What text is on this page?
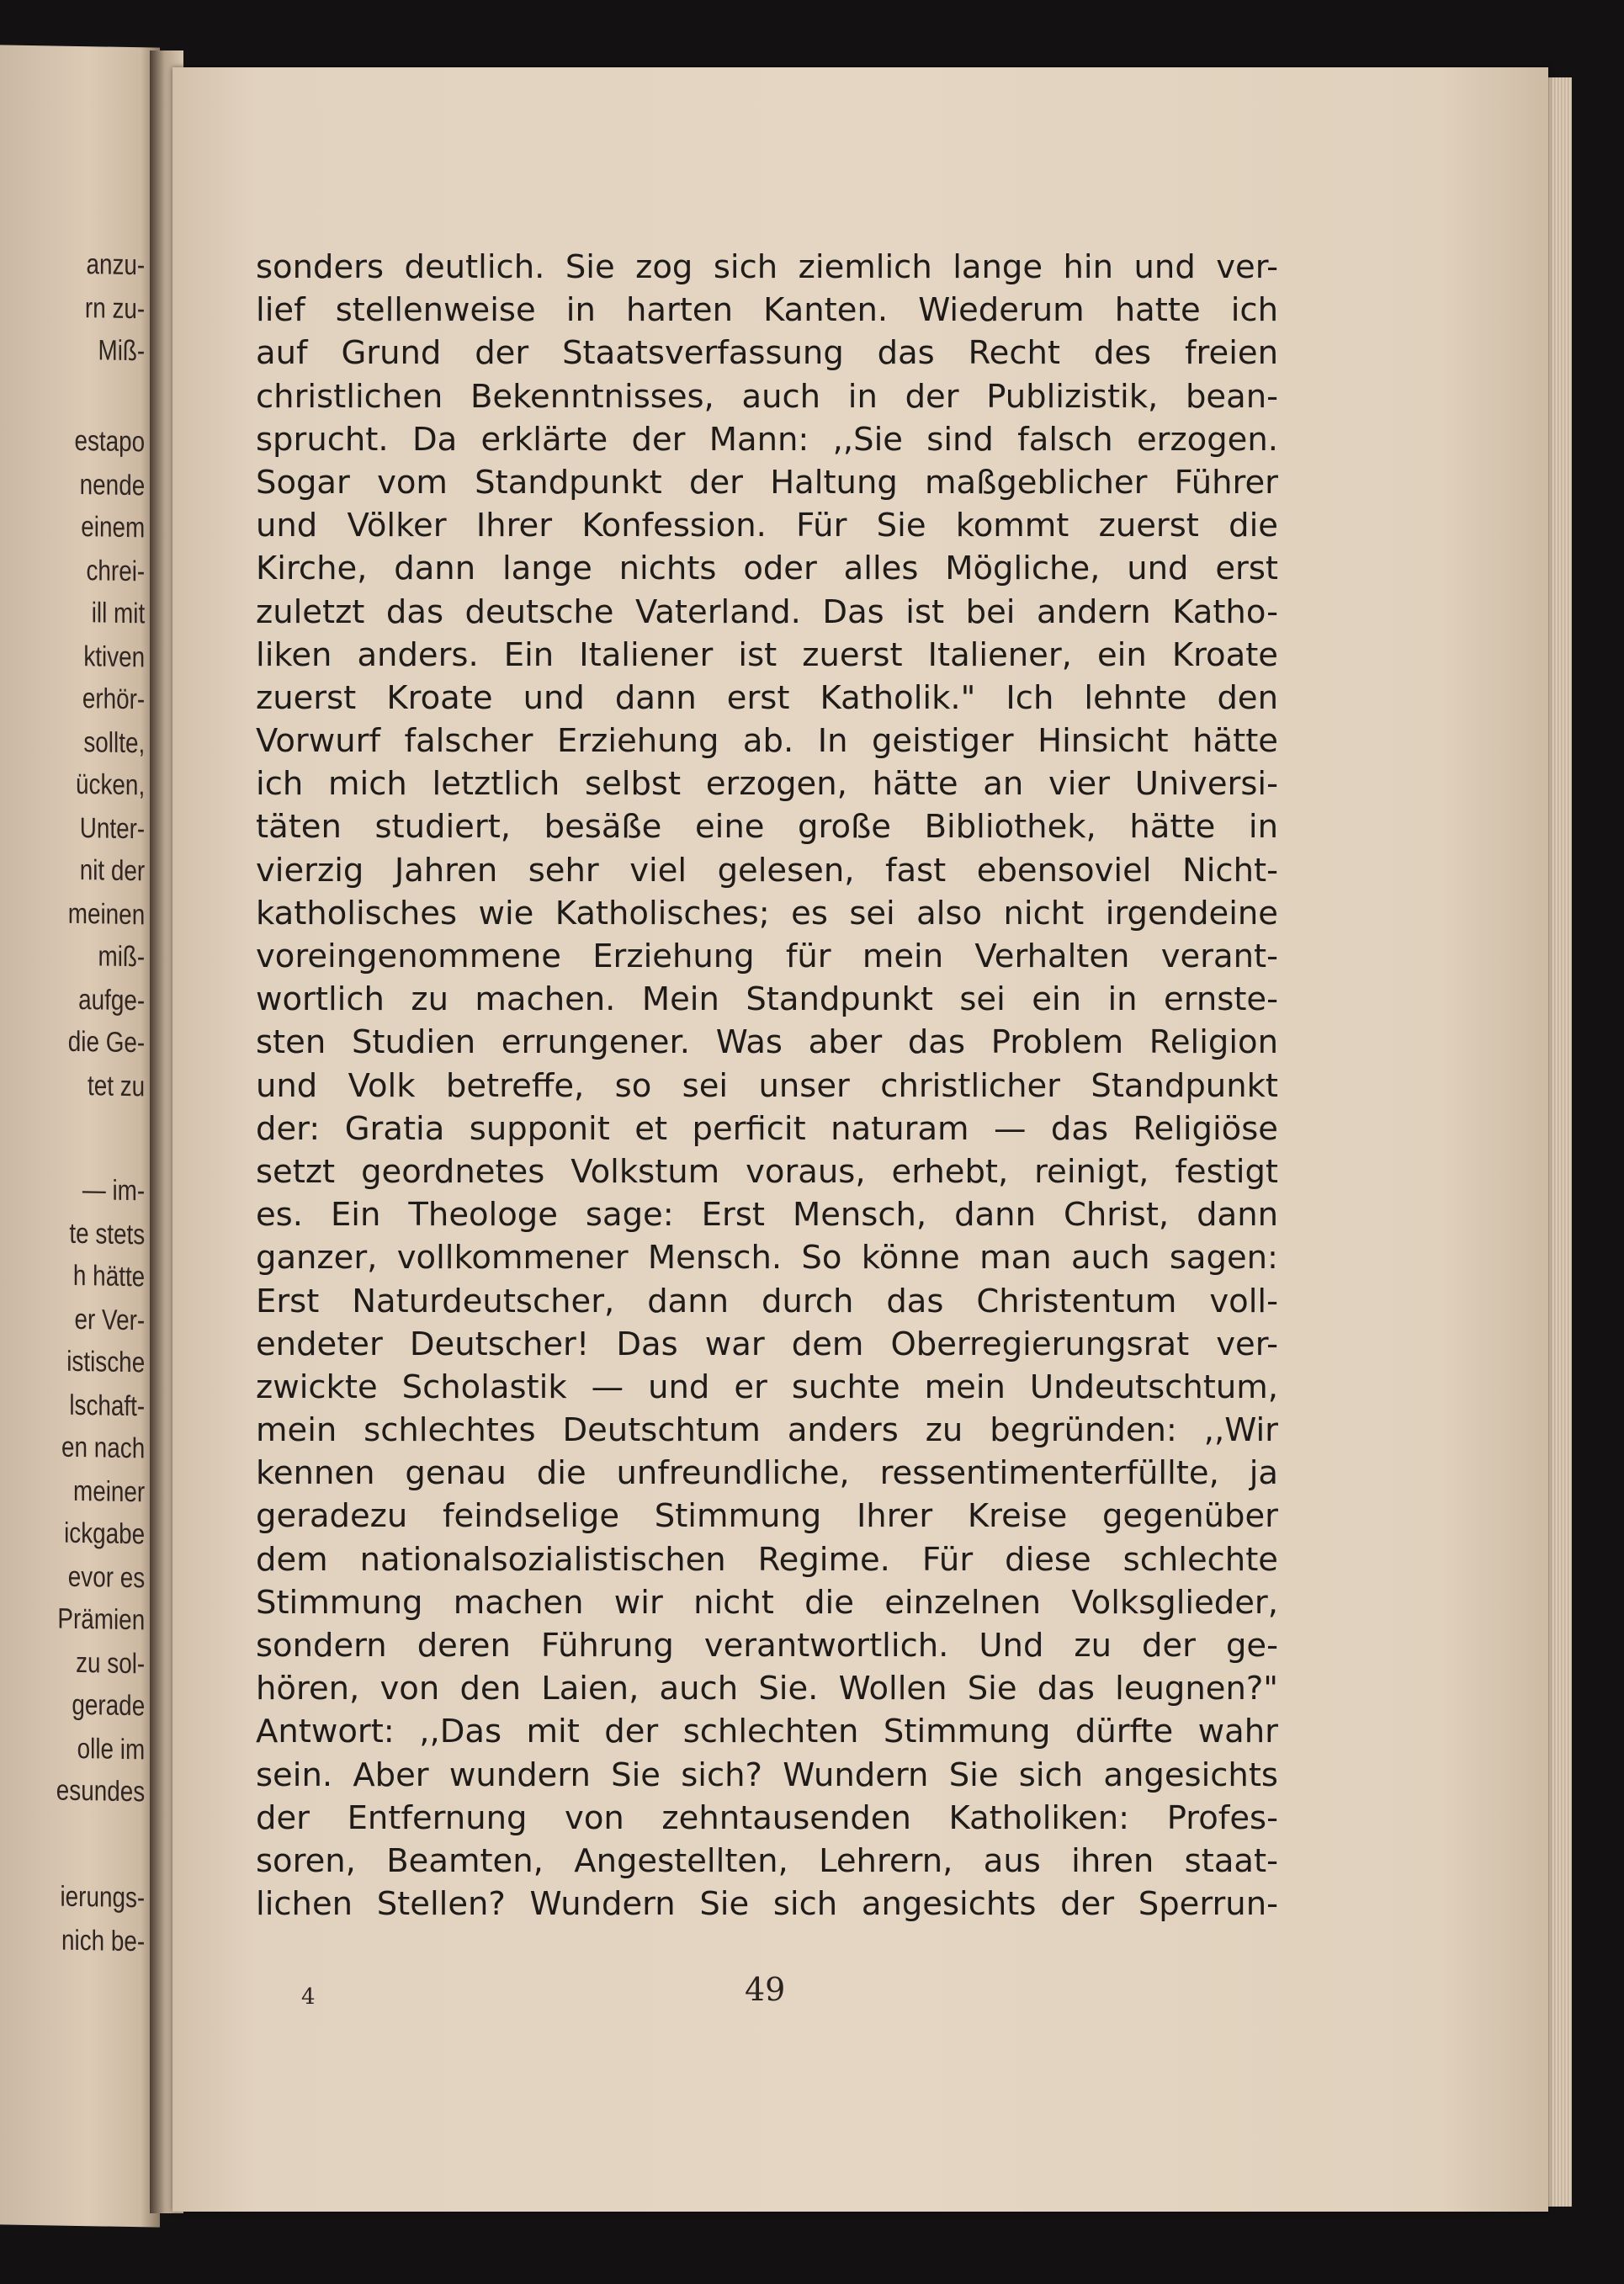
anzu-
rn zu-
Miß-
estapo
nende
einem
chrei-
ill mit
ktiven
erhör-
sollte,
ücken,
Unter-
nit der
meinen
miß-
aufge-
die Ge-
tet zu
— im-
te stets
h hätte
er Ver-
istische
lschaft-
en nach
meiner
ickgabe
evor es
Prämien
zu sol-
gerade
olle im
esundes
ierungs-
nich be-
sonders deutlich. Sie zog sich ziemlich lange hin und ver-
lief stellenweise in harten Kanten. Wiederum hatte ich
auf Grund der Staatsverfassung das Recht des freien
christlichen Bekenntnisses, auch in der Publizistik, bean-
sprucht. Da erklärte der Mann: ,,Sie sind falsch erzogen.
Sogar vom Standpunkt der Haltung maßgeblicher Führer
und Völker Ihrer Konfession. Für Sie kommt zuerst die
Kirche, dann lange nichts oder alles Mögliche, und erst
zuletzt das deutsche Vaterland. Das ist bei andern Katho-
liken anders. Ein Italiener ist zuerst Italiener, ein Kroate
zuerst Kroate und dann erst Katholik." Ich lehnte den
Vorwurf falscher Erziehung ab. In geistiger Hinsicht hätte
ich mich letztlich selbst erzogen, hätte an vier Universi-
täten studiert, besäße eine große Bibliothek, hätte in
vierzig Jahren sehr viel gelesen, fast ebensoviel Nicht-
katholisches wie Katholisches; es sei also nicht irgendeine
voreingenommene Erziehung für mein Verhalten verant-
wortlich zu machen. Mein Standpunkt sei ein in ernste-
sten Studien errungener. Was aber das Problem Religion
und Volk betreffe, so sei unser christlicher Standpunkt
der: Gratia supponit et perficit naturam — das Religiöse
setzt geordnetes Volkstum voraus, erhebt, reinigt, festigt
es. Ein Theologe sage: Erst Mensch, dann Christ, dann
ganzer, vollkommener Mensch. So könne man auch sagen:
Erst Naturdeutscher, dann durch das Christentum voll-
endeter Deutscher! Das war dem Oberregierungsrat ver-
zwickte Scholastik — und er suchte mein Undeutschtum,
mein schlechtes Deutschtum anders zu begründen: ,,Wir
kennen genau die unfreundliche, ressentimenterfüllte, ja
geradezu feindselige Stimmung Ihrer Kreise gegenüber
dem nationalsozialistischen Regime. Für diese schlechte
Stimmung machen wir nicht die einzelnen Volksglieder,
sondern deren Führung verantwortlich. Und zu der ge-
hören, von den Laien, auch Sie. Wollen Sie das leugnen?"
Antwort: ,,Das mit der schlechten Stimmung dürfte wahr
sein. Aber wundern Sie sich? Wundern Sie sich angesichts
der Entfernung von zehntausenden Katholiken: Profes-
soren, Beamten, Angestellten, Lehrern, aus ihren staat-
lichen Stellen? Wundern Sie sich angesichts der Sperrun-
4	49
